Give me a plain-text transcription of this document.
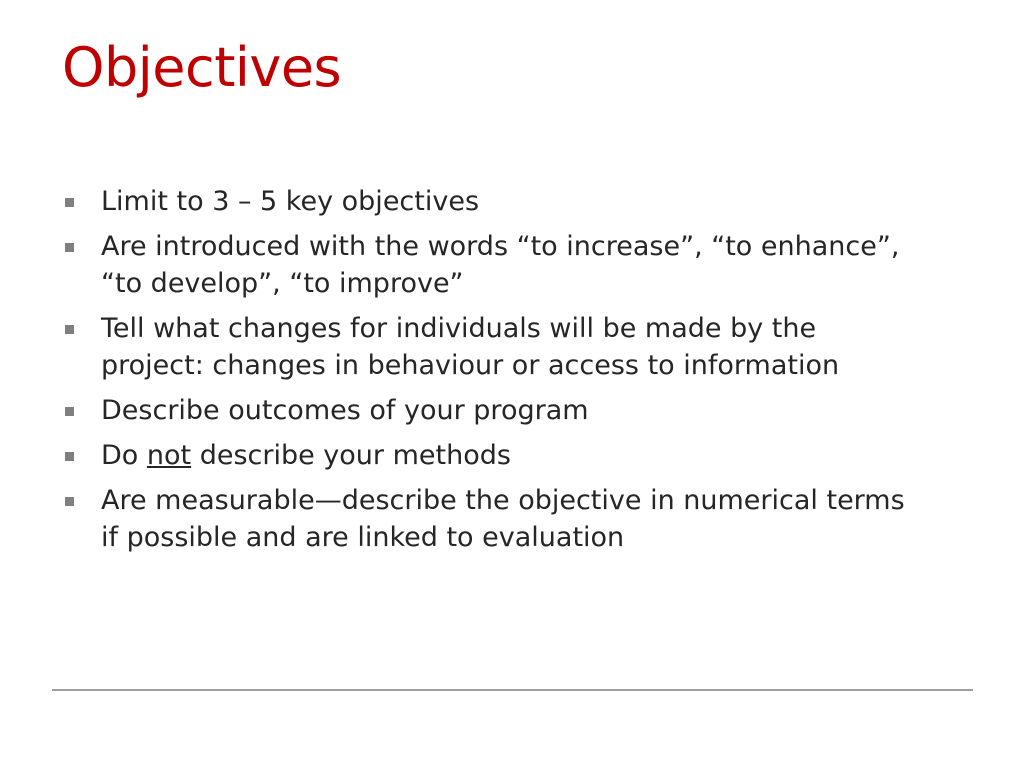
Objectives
Limit to 3 – 5 key objectives
Are introduced with the words “to increase”, “to enhance”, “to develop”, “to improve”
Tell what changes for individuals will be made by the project: changes in behaviour or access to information
Describe outcomes of your program
Do not describe your methods
Are measurable—describe the objective in numerical terms if possible and are linked to evaluation
